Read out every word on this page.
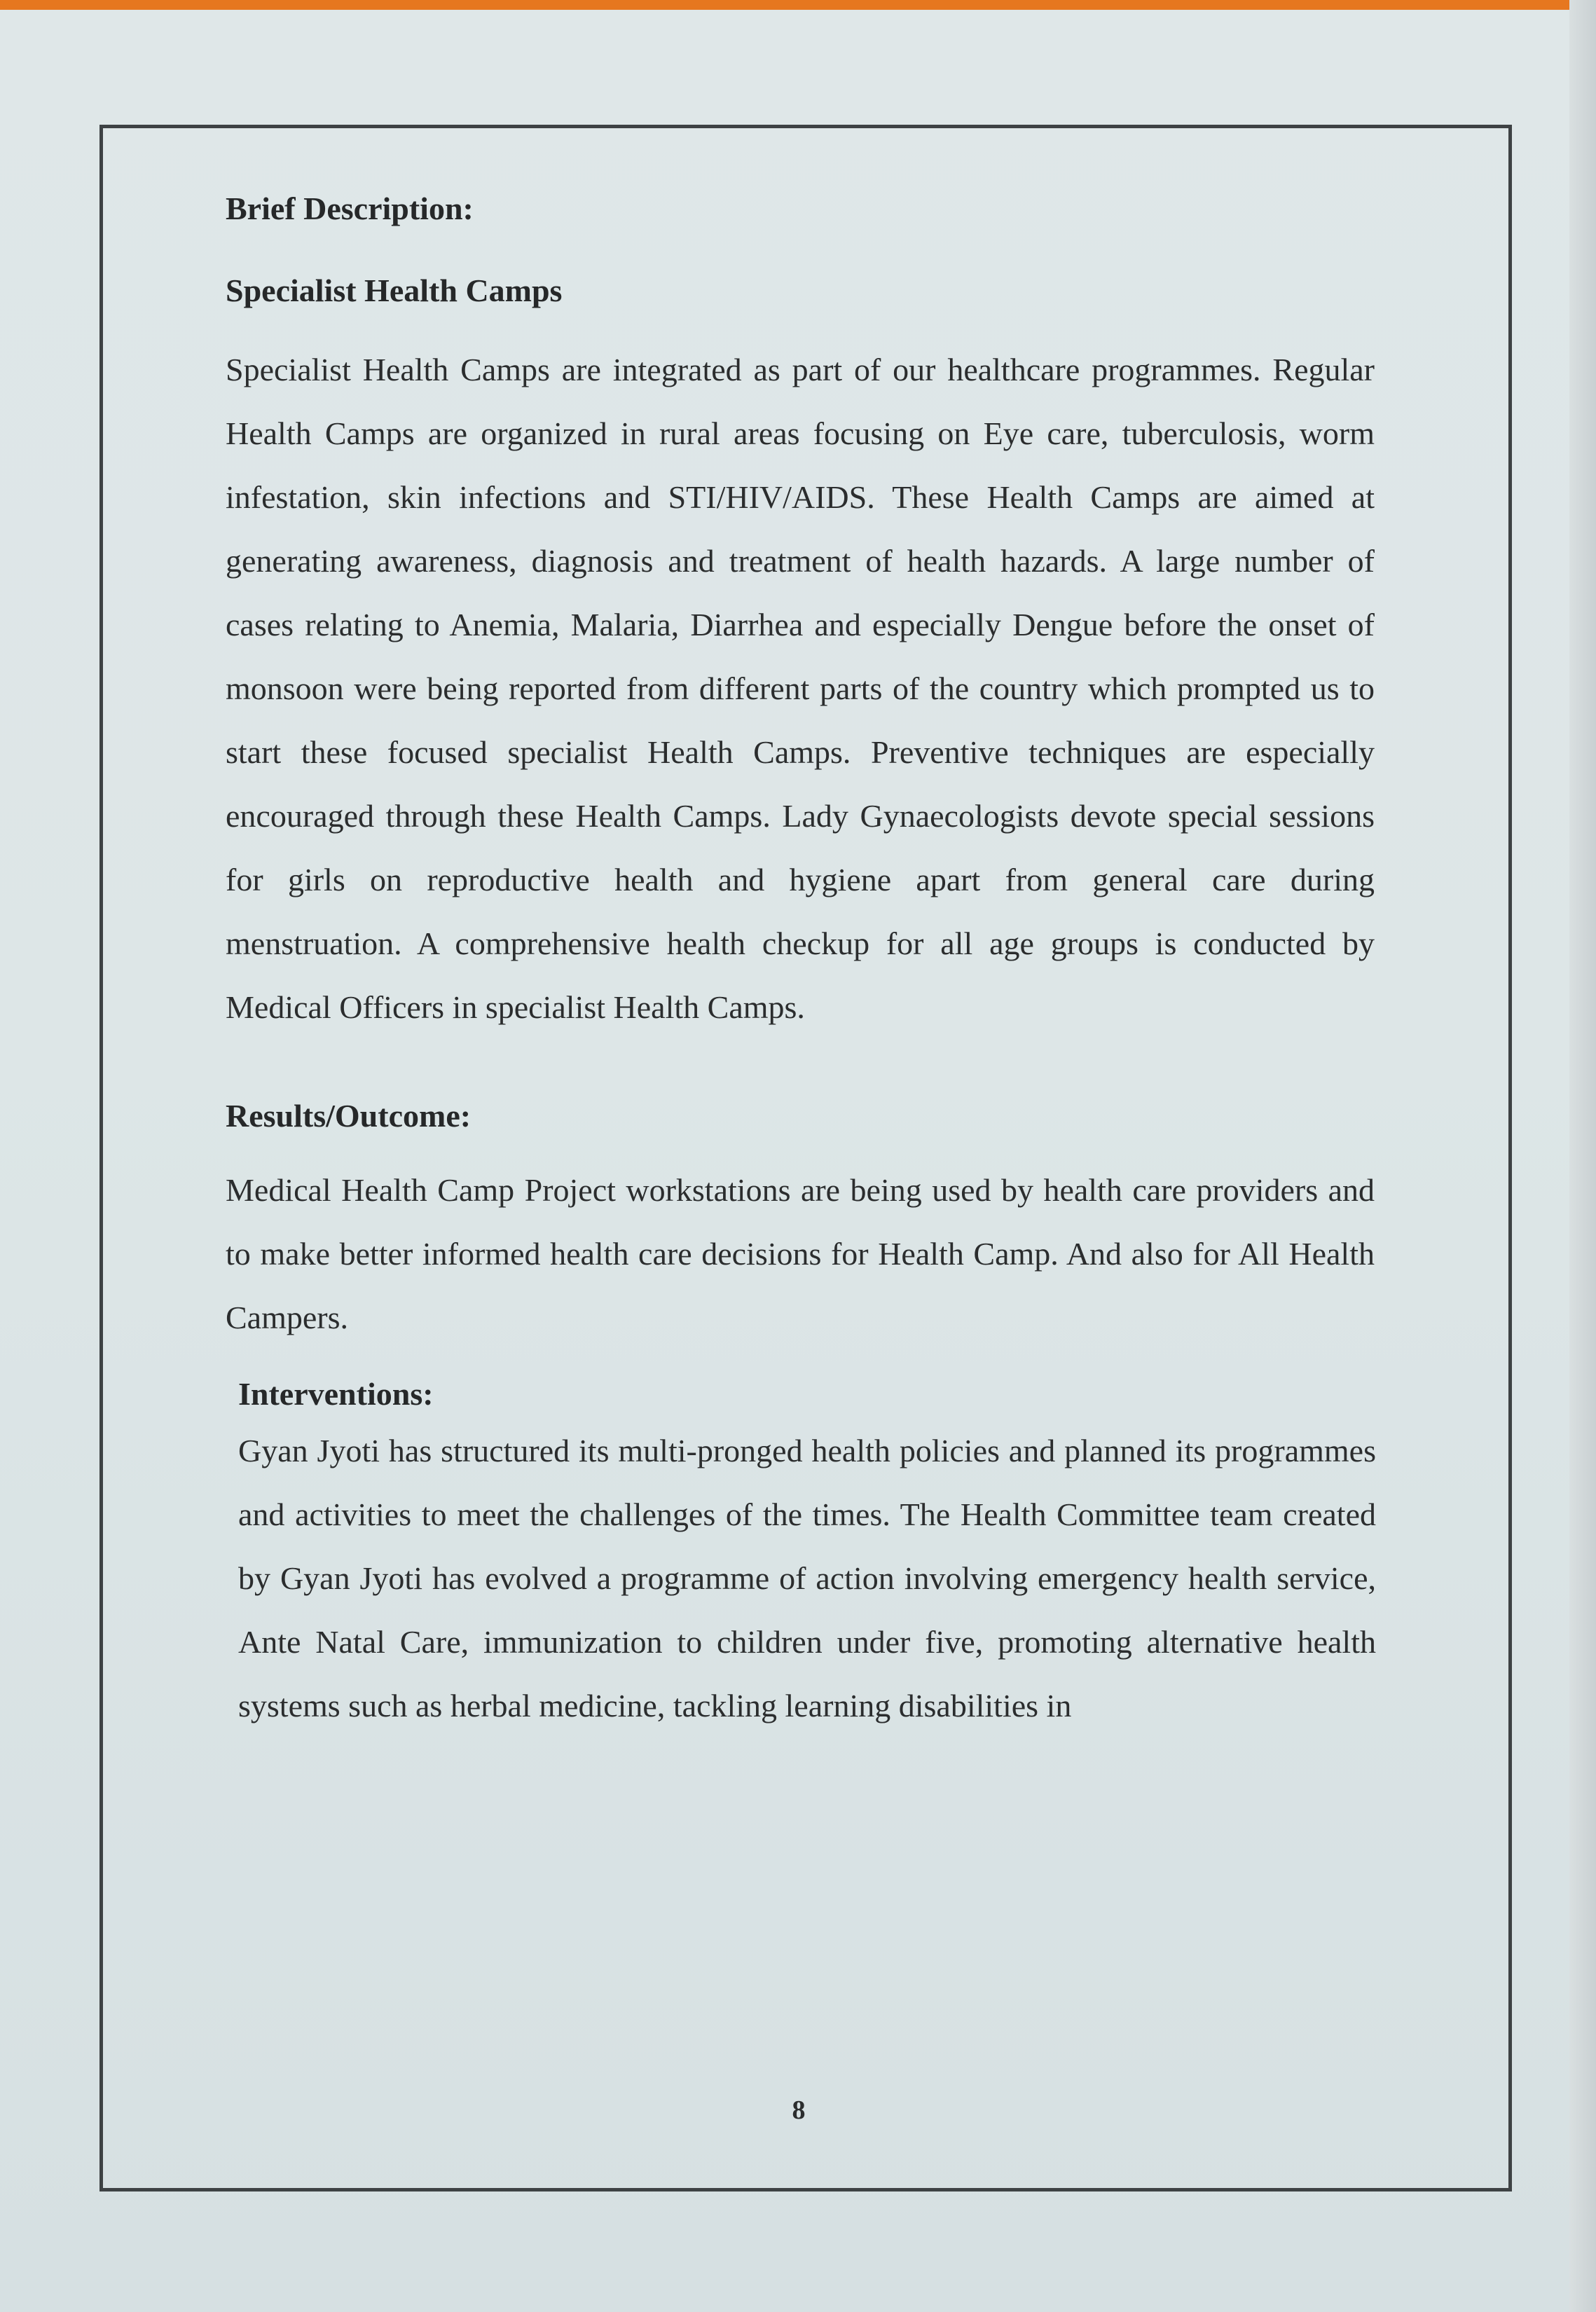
Brief Description:
Specialist Health Camps

Specialist Health Camps are integrated as part of our healthcare programmes. Regular Health Camps are organized in rural areas focusing on Eye care, tuberculosis, worm infestation, skin infections and STI/HIV/AIDS. These Health Camps are aimed at generating awareness, diagnosis and treatment of health hazards. A large number of cases relating to Anemia, Malaria, Diarrhea and especially Dengue before the onset of monsoon were being reported from different parts of the country which prompted us to start these focused specialist Health Camps. Preventive techniques are especially encouraged through these Health Camps. Lady Gynaecologists devote special sessions for girls on reproductive health and hygiene apart from general care during menstruation. A comprehensive health checkup for all age groups is conducted by Medical Officers in specialist Health Camps.

Results/Outcome:

Medical Health Camp Project workstations are being used by health care providers and to make better informed health care decisions for Health Camp. And also for All Health Campers.

Interventions:

Gyan Jyoti has structured its multi-pronged health policies and planned its programmes and activities to meet the challenges of the times. The Health Committee team created by Gyan Jyoti has evolved a programme of action involving emergency health service, Ante Natal Care, immunization to children under five, promoting alternative health systems such as herbal medicine, tackling learning disabilities in

8
